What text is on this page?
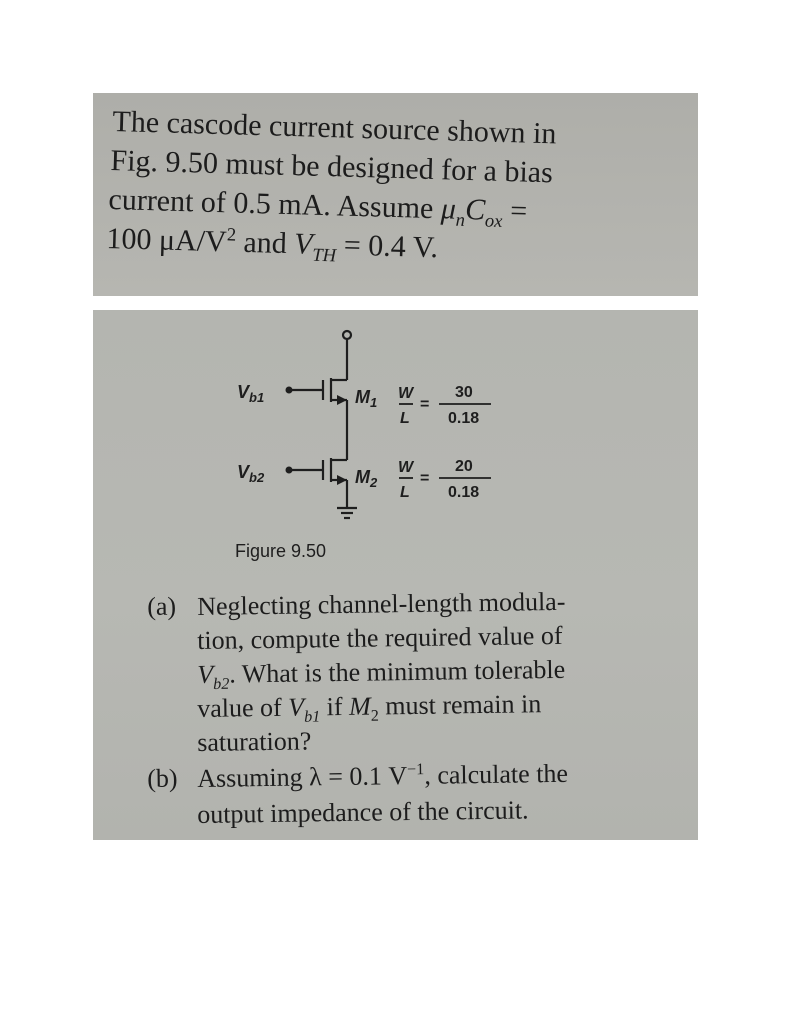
The cascode current source shown in
Fig. 9.50 must be designed for a bias
current of 0.5 mA. Assume $\mu_nC_{ox}$ =
100 $\mu A/V^2$ and $V_{TH} = 0.4$ V.
$V_{b1}$
$V_{b2}$
$M_1$
$M_2$
W
L
=
30
0.18
W
L
=
20
0.18
Figure 9.50
(a) Neglecting channel-length modula-
tion, compute the required value of
$V_{b2}$. What is the minimum tolerable
value of $V_{b1}$ if $M_2$ must remain in
saturation?
(b) Assuming λ = 0.1 $V^{-1}$, calculate the
output impedance of the circuit.
